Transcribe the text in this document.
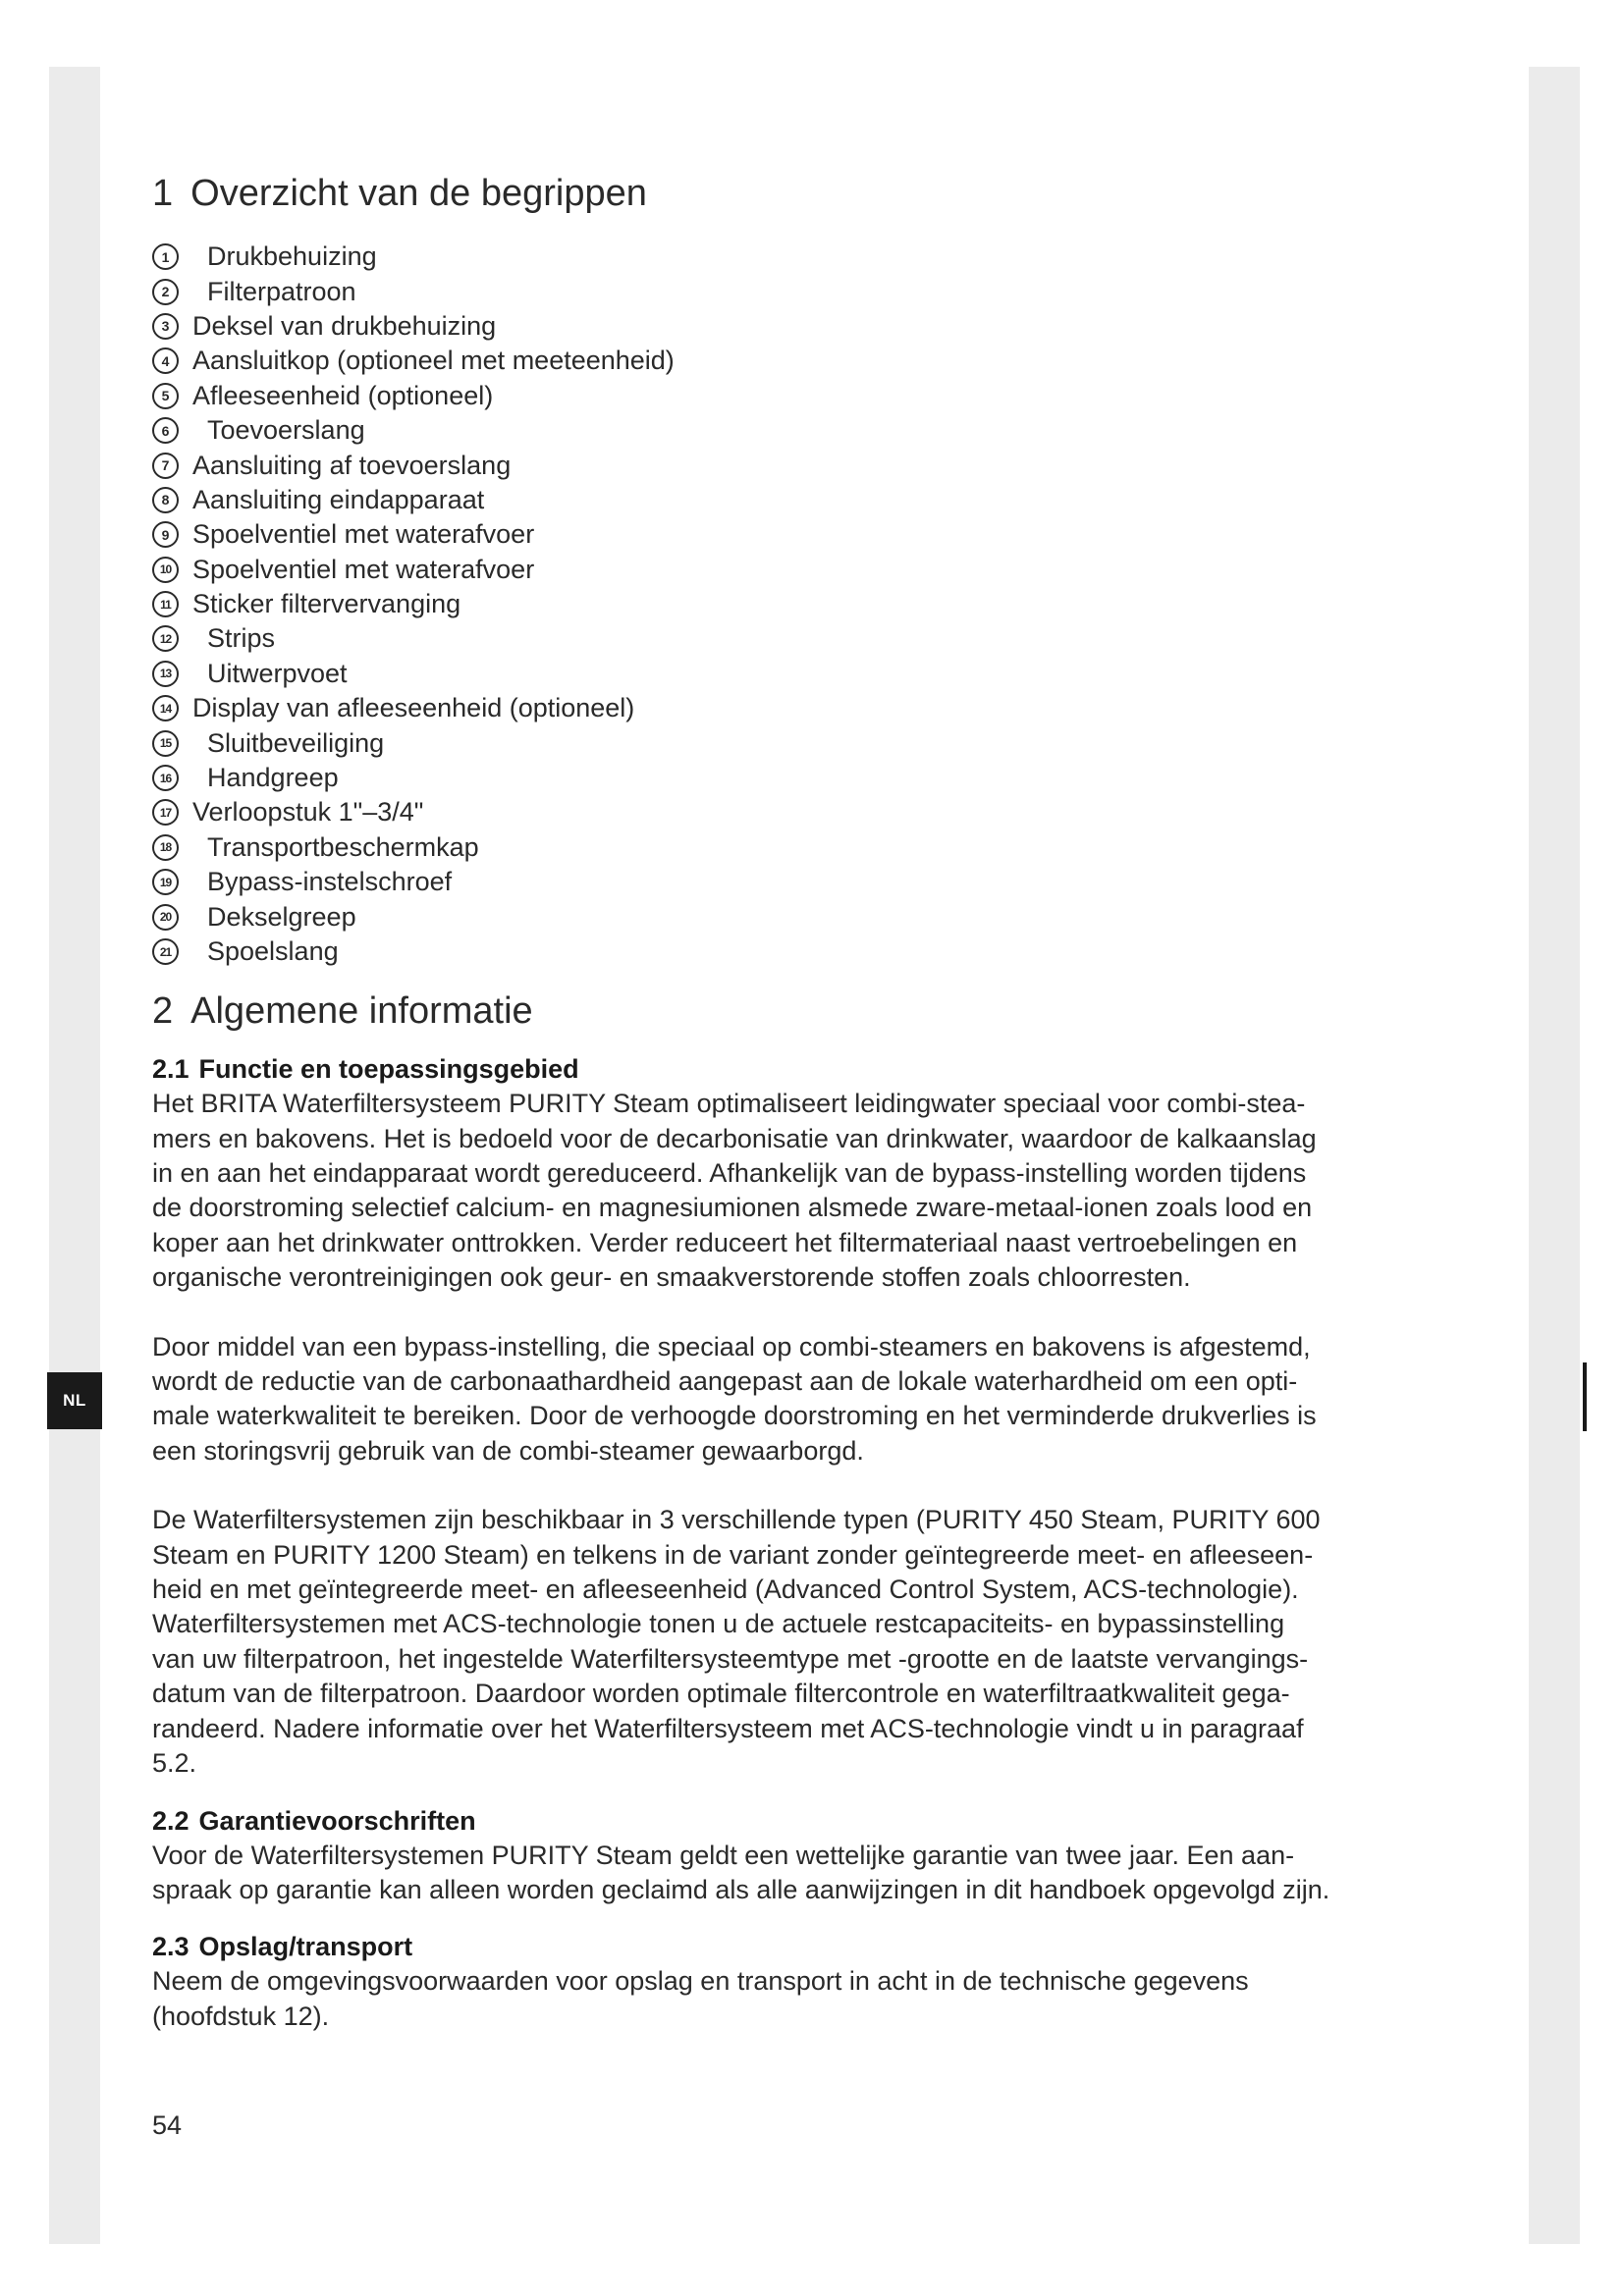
NL
1 Overzicht van de begrippen
1	Drukbehuizing
2	Filterpatroon
3 Deksel van drukbehuizing
4 Aansluitkop (optioneel met meeteenheid)
5 Afleeseenheid (optioneel)
6	Toevoerslang
7 Aansluiting af toevoerslang
8 Aansluiting eindapparaat
9 Spoelventiel met waterafvoer
10 Spoelventiel met waterafvoer
11 Sticker filtervervanging
12	Strips
13	Uitwerpvoet
14 Display van afleeseenheid (optioneel)
15	Sluitbeveiliging
16	Handgreep
17 Verloopstuk 1"–3/4"
18	Transportbeschermkap
19	Bypass-instelschroef
20	Dekselgreep
21	Spoelslang
2 Algemene informatie
2.1 Functie en toepassingsgebied

Het BRITA Waterfiltersysteem PURITY Steam optimaliseert leidingwater speciaal voor combi-stea-
mers en bakovens. Het is bedoeld voor de decarbonisatie van drinkwater, waardoor de kalkaanslag
in en aan het eindapparaat wordt gereduceerd. Afhankelijk van de bypass-instelling worden tijdens
de doorstroming selectief calcium- en magnesiumionen alsmede zware-metaal-ionen zoals lood en
koper aan het drinkwater onttrokken. Verder reduceert het filtermateriaal naast vertroebelingen en
organische verontreinigingen ook geur- en smaakverstorende stoffen zoals chloorresten.

Door middel van een bypass-instelling, die speciaal op combi-steamers en bakovens is afgestemd,
wordt de reductie van de carbonaathardheid aangepast aan de lokale waterhardheid om een opti-
male waterkwaliteit te bereiken. Door de verhoogde doorstroming en het verminderde drukverlies is
een storingsvrij gebruik van de combi-steamer gewaarborgd.

De Waterfiltersystemen zijn beschikbaar in 3 verschillende typen (PURITY 450 Steam, PURITY 600
Steam en PURITY 1200 Steam) en telkens in de variant zonder geïntegreerde meet- en afleeseen-
heid en met geïntegreerde meet- en afleeseenheid (Advanced Control System, ACS-technologie).
Waterfiltersystemen met ACS-technologie tonen u de actuele restcapaciteits- en bypassinstelling
van uw filterpatroon, het ingestelde Waterfiltersysteemtype met -grootte en de laatste vervangings-
datum van de filterpatroon. Daardoor worden optimale filtercontrole en waterfiltraatkwaliteit gega-
randeerd. Nadere informatie over het Waterfiltersysteem met ACS-technologie vindt u in paragraaf
5.2.

2.2 Garantievoorschriften

Voor de Waterfiltersystemen PURITY Steam geldt een wettelijke garantie van twee jaar. Een aan-
spraak op garantie kan alleen worden geclaimd als alle aanwijzingen in dit handboek opgevolgd zijn.

2.3 Opslag/transport

Neem de omgevingsvoorwaarden voor opslag en transport in acht in de technische gegevens
(hoofdstuk 12).

54
